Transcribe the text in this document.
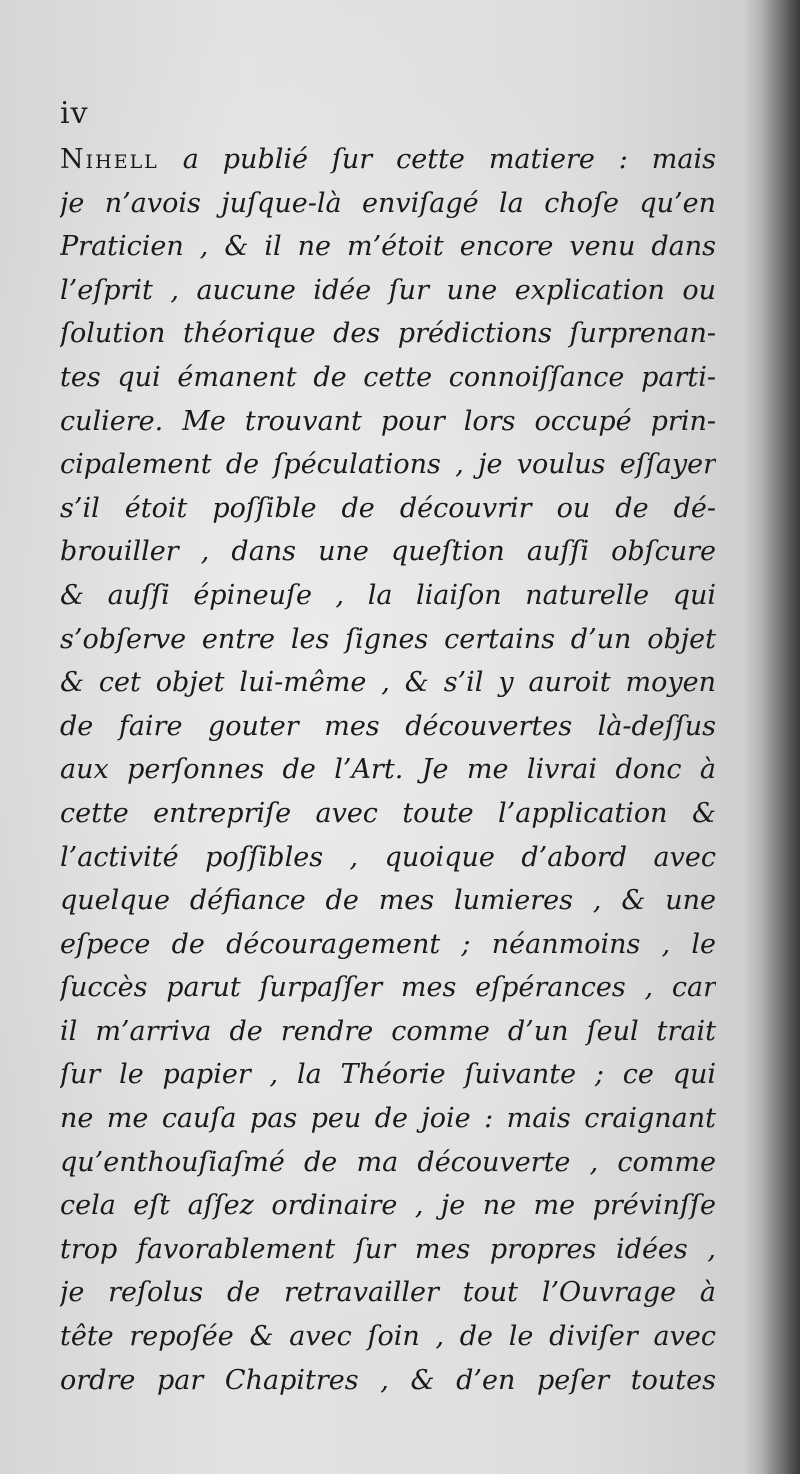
iv
Nihell a publié ſur cette matiere : mais
je n’avois juſque-là enviſagé la choſe qu’en
Praticien , & il ne m’étoit encore venu dans
l’eſprit , aucune idée ſur une explication ou
ſolution théorique des prédictions ſurprenan-
tes qui émanent de cette connoiſſance parti-
culiere. Me trouvant pour lors occupé prin-
cipalement de ſpéculations , je voulus eſſayer
s’il étoit poſſible de découvrir ou de dé-
brouiller , dans une queſtion auſſi obſcure
& auſſi épineuſe , la liaiſon naturelle qui
s’obſerve entre les ſignes certains d’un objet
& cet objet lui-même , & s’il y auroit moyen
de faire gouter mes découvertes là-deſſus
aux perſonnes de l’Art. Je me livrai donc à
cette entrepriſe avec toute l’application &
l’activité poſſibles , quoique d’abord avec
quelque défiance de mes lumieres , & une
eſpece de découragement ; néanmoins , le
ſuccès parut ſurpaſſer mes eſpérances , car
il m’arriva de rendre comme d’un ſeul trait
ſur le papier , la Théorie ſuivante ; ce qui
ne me cauſa pas peu de joie : mais craignant
qu’enthouſiaſmé de ma découverte , comme
cela eſt aſſez ordinaire , je ne me prévinſſe
trop favorablement ſur mes propres idées ,
je reſolus de retravailler tout l’Ouvrage à
tête repoſée & avec ſoin , de le diviſer avec
ordre par Chapitres , & d’en peſer toutes
